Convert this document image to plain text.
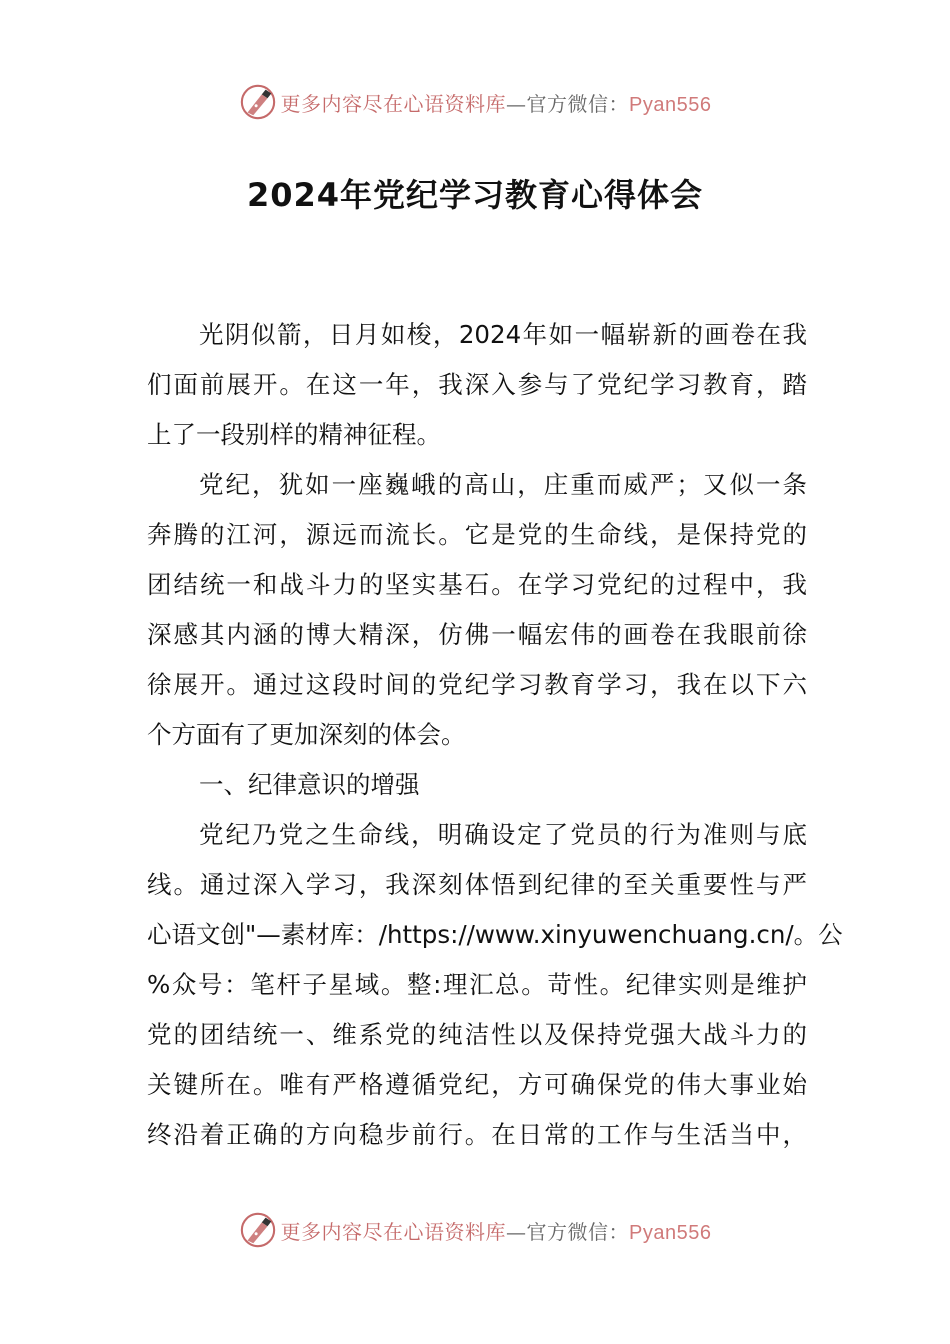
更多内容尽在心语资料库—官方微信：Pyan556
2024年党纪学习教育心得体会
光阴似箭，日月如梭，2024年如一幅崭新的画卷在我
们面前展开。在这一年，我深入参与了党纪学习教育，踏
上了一段别样的精神征程。
党纪，犹如一座巍峨的高山，庄重而威严；又似一条
奔腾的江河，源远而流长。它是党的生命线，是保持党的
团结统一和战斗力的坚实基石。在学习党纪的过程中，我
深感其内涵的博大精深，仿佛一幅宏伟的画卷在我眼前徐
徐展开。通过这段时间的党纪学习教育学习，我在以下六
个方面有了更加深刻的体会。
一、纪律意识的增强
党纪乃党之生命线，明确设定了党员的行为准则与底
线。通过深入学习，我深刻体悟到纪律的至关重要性与严
心语文创"—素材库：/https://www.xinyuwenchuang.cn/。公
%众号：笔杆子星域。整:理汇总。苛性。纪律实则是维护
党的团结统一、维系党的纯洁性以及保持党强大战斗力的
关键所在。唯有严格遵循党纪，方可确保党的伟大事业始
终沿着正确的方向稳步前行。在日常的工作与生活当中，
更多内容尽在心语资料库—官方微信：Pyan556
